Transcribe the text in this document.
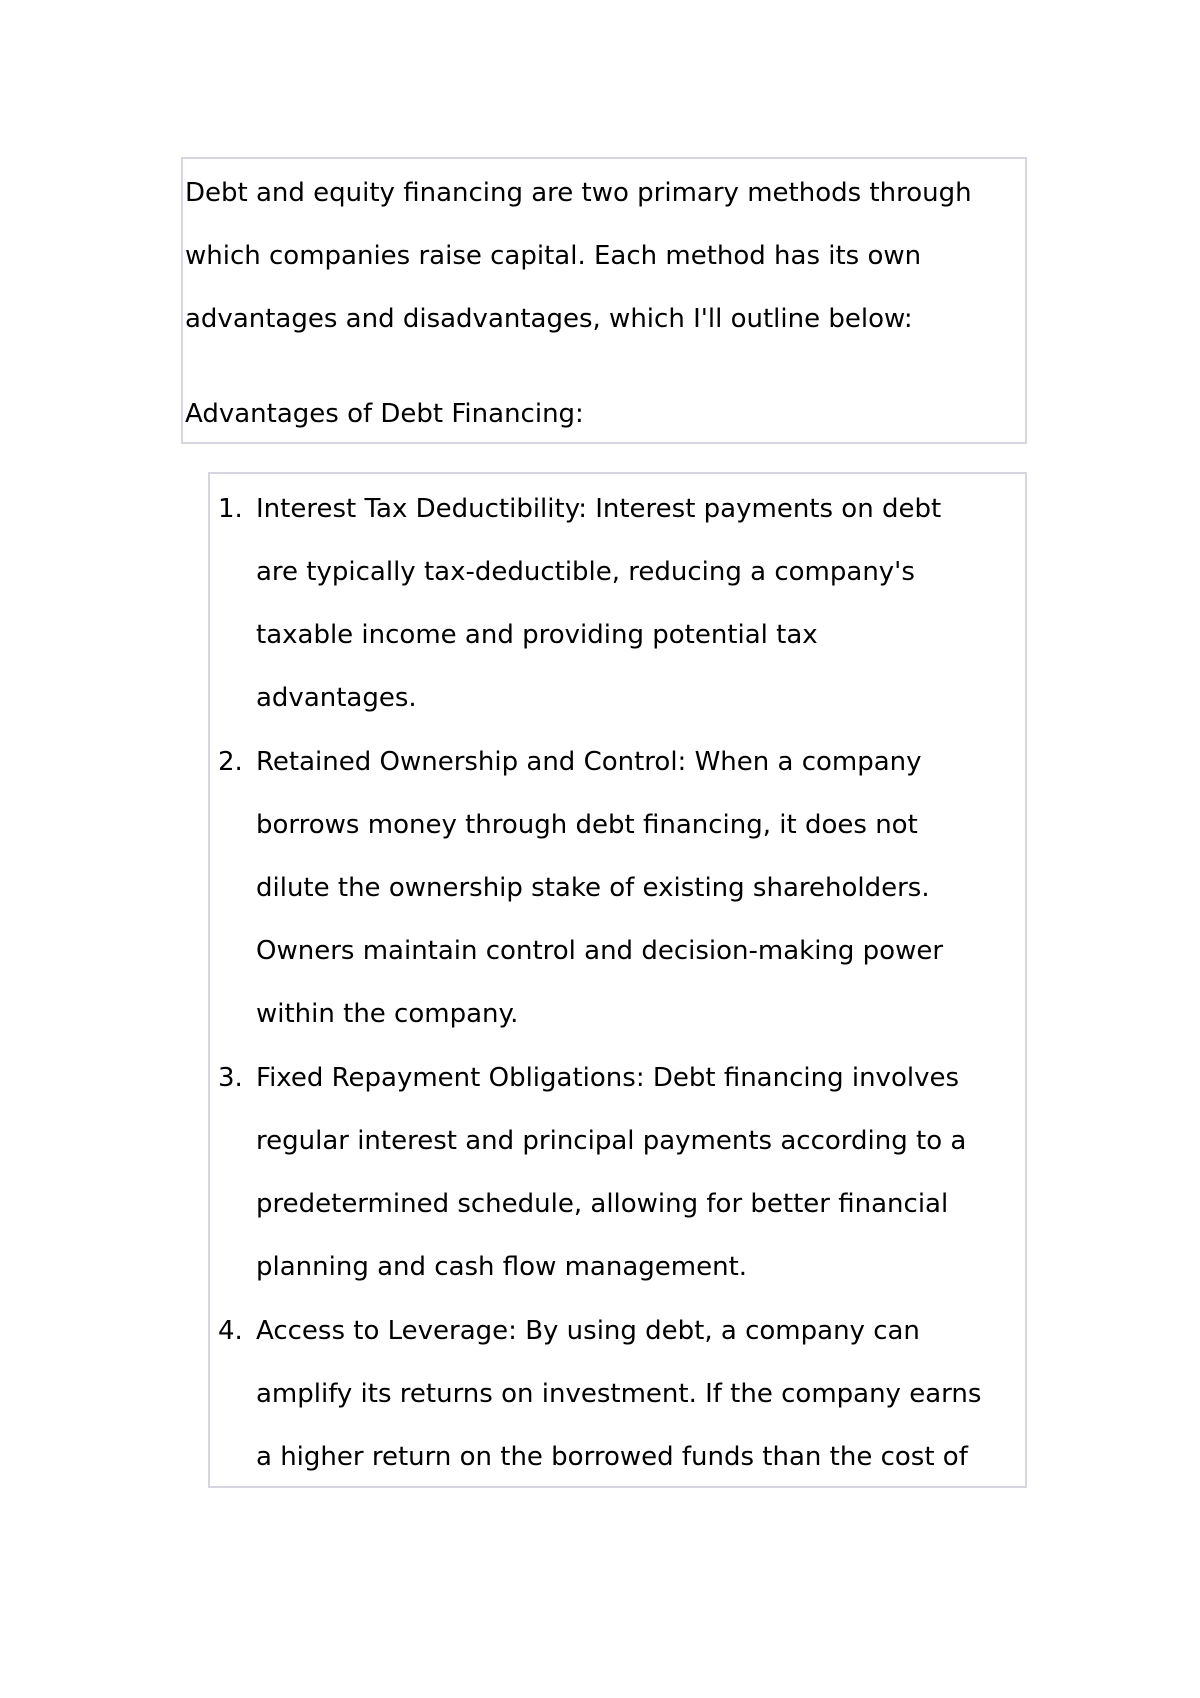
Debt and equity financing are two primary methods through
which companies raise capital. Each method has its own
advantages and disadvantages, which I'll outline below:

Advantages of Debt Financing:

1. Interest Tax Deductibility: Interest payments on debt
are typically tax-deductible, reducing a company's
taxable income and providing potential tax
advantages.
2. Retained Ownership and Control: When a company
borrows money through debt financing, it does not
dilute the ownership stake of existing shareholders.
Owners maintain control and decision-making power
within the company.
3. Fixed Repayment Obligations: Debt financing involves
regular interest and principal payments according to a
predetermined schedule, allowing for better financial
planning and cash flow management.
4. Access to Leverage: By using debt, a company can
amplify its returns on investment. If the company earns
a higher return on the borrowed funds than the cost of
